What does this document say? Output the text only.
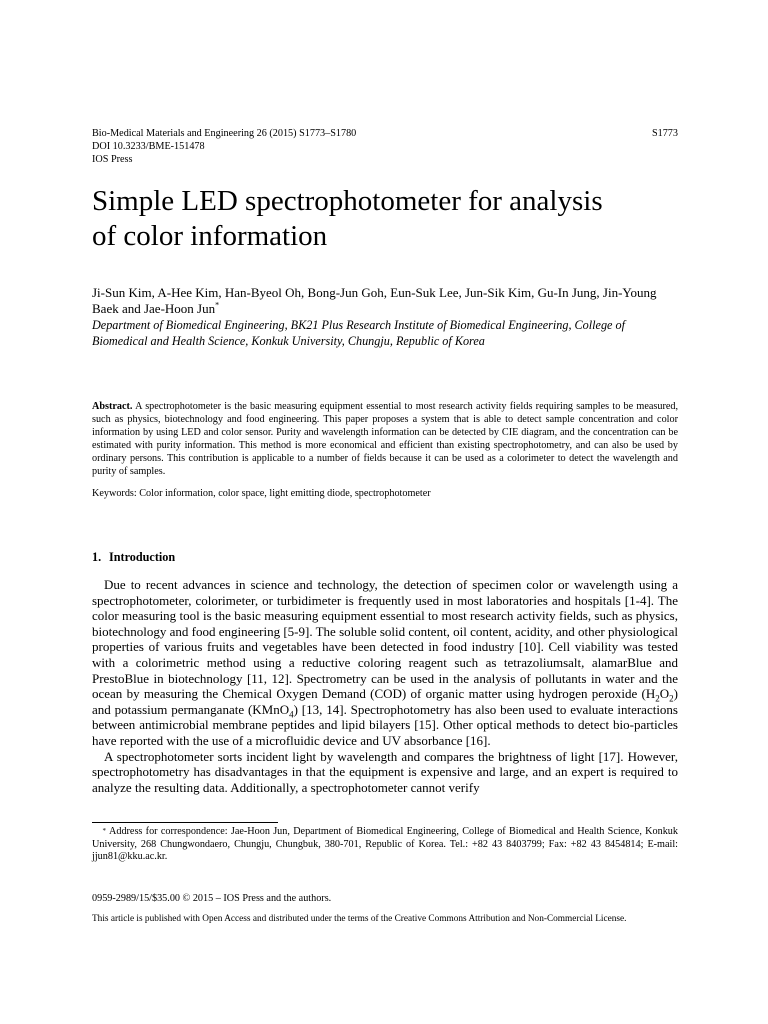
Bio-Medical Materials and Engineering 26 (2015) S1773–S1780	S1773
DOI 10.3233/BME-151478
IOS Press
Simple LED spectrophotometer for analysis
of color information
Ji-Sun Kim, A-Hee Kim, Han-Byeol Oh, Bong-Jun Goh, Eun-Suk Lee, Jun-Sik Kim, Gu-In Jung, Jin-Young Baek and Jae-Hoon Jun*
Department of Biomedical Engineering, BK21 Plus Research Institute of Biomedical Engineering, College of Biomedical and Health Science, Konkuk University, Chungju, Republic of Korea
Abstract. A spectrophotometer is the basic measuring equipment essential to most research activity fields requiring samples to be measured, such as physics, biotechnology and food engineering. This paper proposes a system that is able to detect sample concentration and color information by using LED and color sensor. Purity and wavelength information can be detected by CIE diagram, and the concentration can be estimated with purity information. This method is more economical and efficient than existing spectrophotometry, and can also be used by ordinary persons. This contribution is applicable to a number of fields because it can be used as a colorimeter to detect the wavelength and purity of samples.
Keywords: Color information, color space, light emitting diode, spectrophotometer
1. Introduction

Due to recent advances in science and technology, the detection of specimen color or wavelength using a spectrophotometer, colorimeter, or turbidimeter is frequently used in most laboratories and hospitals [1-4]. The color measuring tool is the basic measuring equipment essential to most research activity fields, such as physics, biotechnology and food engineering [5-9]. The soluble solid content, oil content, acidity, and other physiological properties of various fruits and vegetables have been detected in food industry [10]. Cell viability was tested with a colorimetric method using a reductive coloring reagent such as tetrazoliumsalt, alamarBlue and PrestoBlue in biotechnology [11, 12]. Spectrometry can be used in the analysis of pollutants in water and the ocean by measuring the Chemical Oxygen Demand (COD) of organic matter using hydrogen peroxide $(H_2O_2)$ and potassium permanganate (KMnO$_4$) [13, 14]. Spectrophotometry has also been used to evaluate interactions between antimicrobial membrane peptides and lipid bilayers [15]. Other optical methods to detect bio-particles have reported with the use of a microfluidic device and UV absorbance [16].

A spectrophotometer sorts incident light by wavelength and compares the brightness of light [17]. However, spectrophotometry has disadvantages in that the equipment is expensive and large, and an expert is required to analyze the resulting data. Additionally, a spectrophotometer cannot verify

* Address for correspondence: Jae-Hoon Jun, Department of Biomedical Engineering, College of Biomedical and Health Science, Konkuk University, 268 Chungwondaero, Chungju, Chungbuk, 380-701, Republic of Korea. Tel.: +82 43 8403799; Fax: +82 43 8454814; E-mail: jjun81@kku.ac.kr.
0959-2989/15/$35.00 © 2015 – IOS Press and the authors.
This article is published with Open Access and distributed under the terms of the Creative Commons Attribution and Non-Commercial License.
